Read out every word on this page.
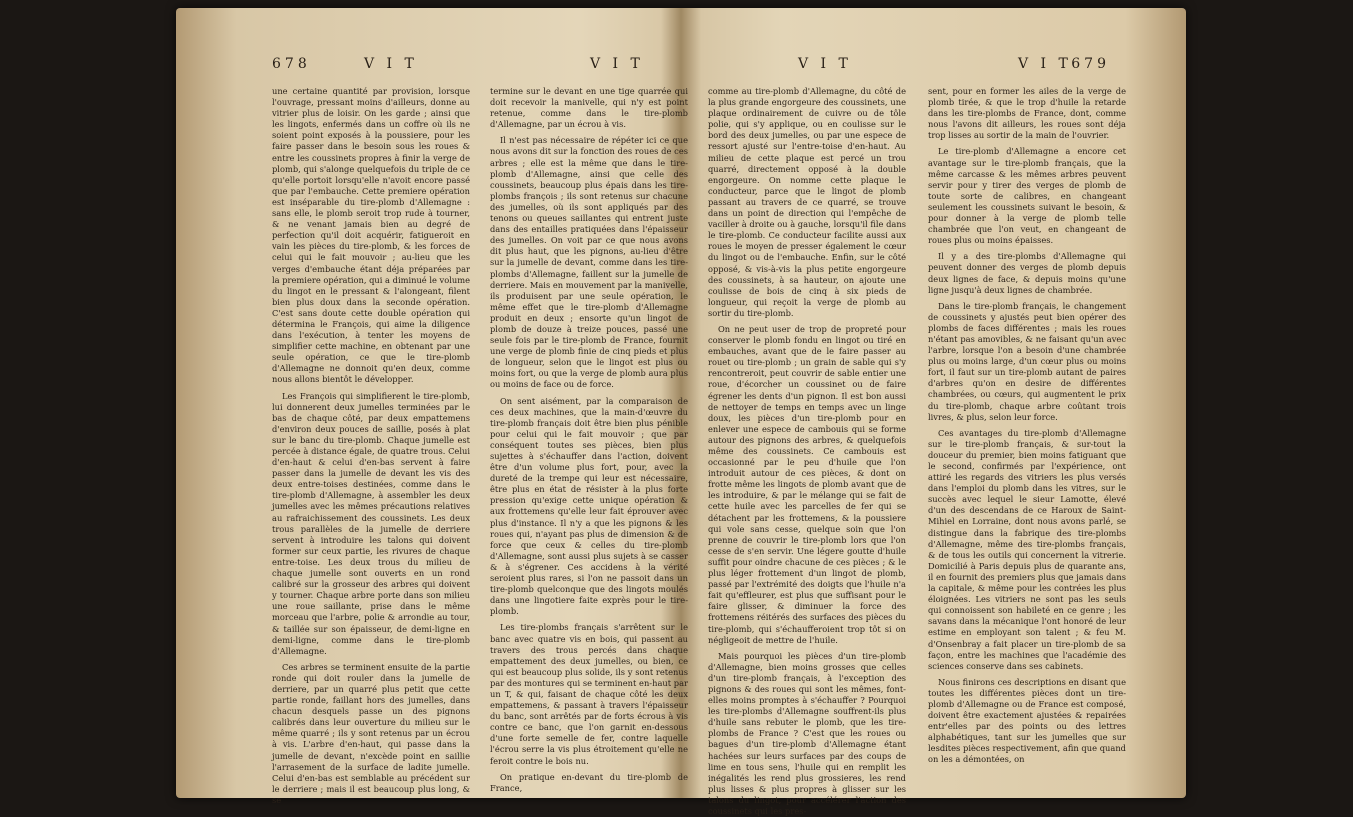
678	V I T	V I T

une certaine quantité par provision, lorsque l'ouvrage, pressant moins d'ailleurs, donne au vitrier plus de loisir. On les garde ; ainsi que les lingots, enfermés dans un coffre où ils ne soient point exposés à la poussiere, pour les faire passer dans le besoin sous les roues & entre les coussinets propres à finir la verge de plomb, qui s'alonge quelquefois du triple de ce qu'elle portoit lorsqu'elle n'avoit encore passé que par l'embauche. Cette premiere opération est inséparable du tire-plomb d'Allemagne : sans elle, le plomb seroit trop rude à tourner, & ne venant jamais bien au degré de perfection qu'il doit acquérir, fatigueroit en vain les pièces du tire-plomb, & les forces de celui qui le fait mouvoir ; au-lieu que les verges d'embauche étant déja préparées par la premiere opération, qui a diminué le volume du lingot en le pressant & l'alongeant, filent bien plus doux dans la seconde opération. C'est sans doute cette double opération qui détermina le François, qui aime la diligence dans l'exécution, à tenter les moyens de simplifier cette machine, en obtenant par une seule opération, ce que le tire-plomb d'Allemagne ne donnoit qu'en deux, comme nous allons bientôt le développer.

Les François qui simplifierent le tire-plomb, lui donnerent deux jumelles terminées par le bas de chaque côté, par deux empattemens d'environ deux pouces de saillie, posés à plat sur le banc du tire-plomb. Chaque jumelle est percée à distance égale, de quatre trous. Celui d'en-haut & celui d'en-bas servent à faire passer dans la jumelle de devant les vis des deux entre-toises destinées, comme dans le tire-plomb d'Allemagne, à assembler les deux jumelles avec les mêmes précautions relatives au rafraichissement des coussinets. Les deux trous parallèles de la jumelle de derriere servent à introduire les talons qui doivent former sur ceux partie, les rivures de chaque entre-toise. Les deux trous du milieu de chaque jumelle sont ouverts en un rond calibré sur la grosseur des arbres qui doivent y tourner. Chaque arbre porte dans son milieu une roue saillante, prise dans le même morceau que l'arbre, polie & arrondie au tour, & taillée sur son épaisseur, de demi-ligne en demi-ligne, comme dans le tire-plomb d'Allemagne.

Ces arbres se terminent ensuite de la partie ronde qui doit rouler dans la jumelle de derriere, par un quarré plus petit que cette partie ronde, faillant hors des jumelles, dans chacun desquels passe un des pignons calibrés dans leur ouverture du milieu sur le même quarré ; ils y sont retenus par un écrou à vis. L'arbre d'en-haut, qui passe dans la jumelle de devant, n'excède point en saillie l'arrasement de la surface de ladite jumelle. Celui d'en-bas est semblable au précédent sur le derriere ; mais il est beaucoup plus long, & se

termine sur le devant en une tige quarrée qui doit recevoir la manivelle, qui n'y est point retenue, comme dans le tire-plomb d'Allemagne, par un écrou à vis.

Il n'est pas nécessaire de répéter ici ce que nous avons dit sur la fonction des roues de ces arbres ; elle est la même que dans le tire-plomb d'Allemagne, ainsi que celle des coussinets, beaucoup plus épais dans les tire-plombs françois ; ils sont retenus sur chacune des jumelles, où ils sont appliqués par des tenons ou queues saillantes qui entrent juste dans des entailles pratiquées dans l'épaisseur des jumelles. On voit par ce que nous avons dit plus haut, que les pignons, au-lieu d'être sur la jumelle de devant, comme dans les tire-plombs d'Allemagne, faillent sur la jumelle de derriere. Mais en mouvement par la manivelle, ils produisent par une seule opération, le même effet que le tire-plomb d'Allemagne produit en deux ; ensorte qu'un lingot de plomb de douze à treize pouces, passé une seule fois par le tire-plomb de France, fournit une verge de plomb finie de cinq pieds et plus de longueur, selon que le lingot est plus ou moins fort, ou que la verge de plomb aura plus ou moins de face ou de force.

On sent aisément, par la comparaison de ces deux machines, que la main-d'œuvre du tire-plomb français doit être bien plus pénible pour celui qui le fait mouvoir ; que par conséquent toutes ses pièces, bien plus sujettes à s'échauffer dans l'action, doivent être d'un volume plus fort, pour, avec la dureté de la trempe qui leur est nécessaire, être plus en état de résister à la plus forte pression qu'exige cette unique opération & aux frottemens qu'elle leur fait éprouver avec plus d'instance. Il n'y a que les pignons & les roues qui, n'ayant pas plus de dimension & de force que ceux & celles du tire-plomb d'Allemagne, sont aussi plus sujets à se casser & à s'égrener. Ces accidens à la vérité seroient plus rares, si l'on ne passoit dans un tire-plomb quelconque que des lingots moulés dans une lingotiere faite exprès pour le tire-plomb.

Les tire-plombs français s'arrêtent sur le banc avec quatre vis en bois, qui passent au travers des trous percés dans chaque empattement des deux jumelles, ou bien, ce qui est beaucoup plus solide, ils y sont retenus par des montures qui se terminent en-haut par un T, & qui, faisant de chaque côté les deux empattemens, & passant à travers l'épaisseur du banc, sont arrêtés par de forts écrous à vis contre ce banc, que l'on garnit en-dessous d'une forte semelle de fer, contre laquelle l'écrou serre la vis plus étroitement qu'elle ne feroit contre le bois nu.

On pratique en-devant du tire-plomb de France,

V I T	V I T 679

comme au tire-plomb d'Allemagne, du côté de la plus grande engorgeure des coussinets, une plaque ordinairement de cuivre ou de tôle polie, qui s'y applique, ou en coulisse sur le bord des deux jumelles, ou par une espece de ressort ajusté sur l'entre-toise d'en-haut. Au milieu de cette plaque est percé un trou quarré, directement opposé à la double engorgeure. On nomme cette plaque le conducteur, parce que le lingot de plomb passant au travers de ce quarré, se trouve dans un point de direction qui l'empêche de vaciller à droite ou à gauche, lorsqu'il file dans le tire-plomb. Ce conducteur facilite aussi aux roues le moyen de presser également le cœur du lingot ou de l'embauche. Enfin, sur le côté opposé, & vis-à-vis la plus petite engorgeure des coussinets, à sa hauteur, on ajoute une coulisse de bois de cinq à six pieds de longueur, qui reçoit la verge de plomb au sortir du tire-plomb.

On ne peut user de trop de propreté pour conserver le plomb fondu en lingot ou tiré en embauches, avant que de le faire passer au rouet ou tire-plomb ; un grain de sable qui s'y rencontreroit, peut couvrir de sable entier une roue, d'écorcher un coussinet ou de faire égrener les dents d'un pignon. Il est bon aussi de nettoyer de temps en temps avec un linge doux, les pièces d'un tire-plomb pour en enlever une espece de cambouis qui se forme autour des pignons des arbres, & quelquefois même des coussinets. Ce cambouis est occasionné par le peu d'huile que l'on introduit autour de ces pièces, & dont on frotte même les lingots de plomb avant que de les introduire, & par le mélange qui se fait de cette huile avec les parcelles de fer qui se détachent par les frottemens, & la poussiere qui vole sans cesse, quelque soin que l'on prenne de couvrir le tire-plomb lors que l'on cesse de s'en servir. Une légere goutte d'huile suffit pour oindre chacune de ces pièces ; & le plus léger frottement d'un lingot de plomb, passé par l'extrémité des doigts que l'huile n'a fait qu'effleurer, est plus que suffisant pour le faire glisser, & diminuer la force des frottemens réitérés des surfaces des pièces du tire-plomb, qui s'échaufferoient trop tôt si on négligeoit de mettre de l'huile.

Mais pourquoi les pièces d'un tire-plomb d'Allemagne, bien moins grosses que celles d'un tire-plomb français, à l'exception des pignons & des roues qui sont les mêmes, font-elles moins promptes à s'échauffer ? Pourquoi les tire-plombs d'Allemagne souffrent-ils plus d'huile sans rebuter le plomb, que les tire-plombs de France ? C'est que les roues ou bagues d'un tire-plomb d'Allemagne étant hachées sur leurs surfaces par des coups de lime en tous sens, l'huile qui en remplit les inégalités les rend plus grossieres, les rend plus lisses & plus propres à glisser sur les talons du lingot, pour accélérer l'action des coussinets qui les pres-

sent, pour en former les ailes de la verge de plomb tirée, & que le trop d'huile la retarde dans les tire-plombs de France, dont, comme nous l'avons dit ailleurs, les roues sont déja trop lisses au sortir de la main de l'ouvrier.

Le tire-plomb d'Allemagne a encore cet avantage sur le tire-plomb français, que la même carcasse & les mêmes arbres peuvent servir pour y tirer des verges de plomb de toute sorte de calibres, en changeant seulement les coussinets suivant le besoin, & pour donner à la verge de plomb telle chambrée que l'on veut, en changeant de roues plus ou moins épaisses.

Il y a des tire-plombs d'Allemagne qui peuvent donner des verges de plomb depuis deux lignes de face, & depuis moins qu'une ligne jusqu'à deux lignes de chambrée.

Dans le tire-plomb français, le changement de coussinets y ajustés peut bien opérer des plombs de faces différentes ; mais les roues n'étant pas amovibles, & ne faisant qu'un avec l'arbre, lorsque l'on a besoin d'une chambrée plus ou moins large, d'un cœur plus ou moins fort, il faut sur un tire-plomb autant de paires d'arbres qu'on en desire de différentes chambrées, ou cœurs, qui augmentent le prix du tire-plomb, chaque arbre coûtant trois livres, & plus, selon leur force.

Ces avantages du tire-plomb d'Allemagne sur le tire-plomb français, & sur-tout la douceur du premier, bien moins fatiguant que le second, confirmés par l'expérience, ont attiré les regards des vitriers les plus versés dans l'emploi du plomb dans les vitres, sur le succès avec lequel le sieur Lamotte, élevé d'un des descendans de ce Haroux de Saint-Mihiel en Lorraine, dont nous avons parlé, se distingue dans la fabrique des tire-plombs d'Allemagne, même des tire-plombs français, & de tous les outils qui concernent la vitrerie. Domicilié à Paris depuis plus de quarante ans, il en fournit des premiers plus que jamais dans la capitale, & même pour les contrées les plus éloignées. Les vitriers ne sont pas les seuls qui connoissent son habileté en ce genre ; les savans dans la mécanique l'ont honoré de leur estime en employant son talent ; & feu M. d'Onsenbray a fait placer un tire-plomb de sa façon, entre les machines que l'académie des sciences conserve dans ses cabinets.

Nous finirons ces descriptions en disant que toutes les différentes pièces dont un tire-plomb d'Allemagne ou de France est composé, doivent être exactement ajustées & repairées entr'elles par des points ou des lettres alphabétiques, tant sur les jumelles que sur lesdites pièces respectivement, afin que quand on les a démontées, on
